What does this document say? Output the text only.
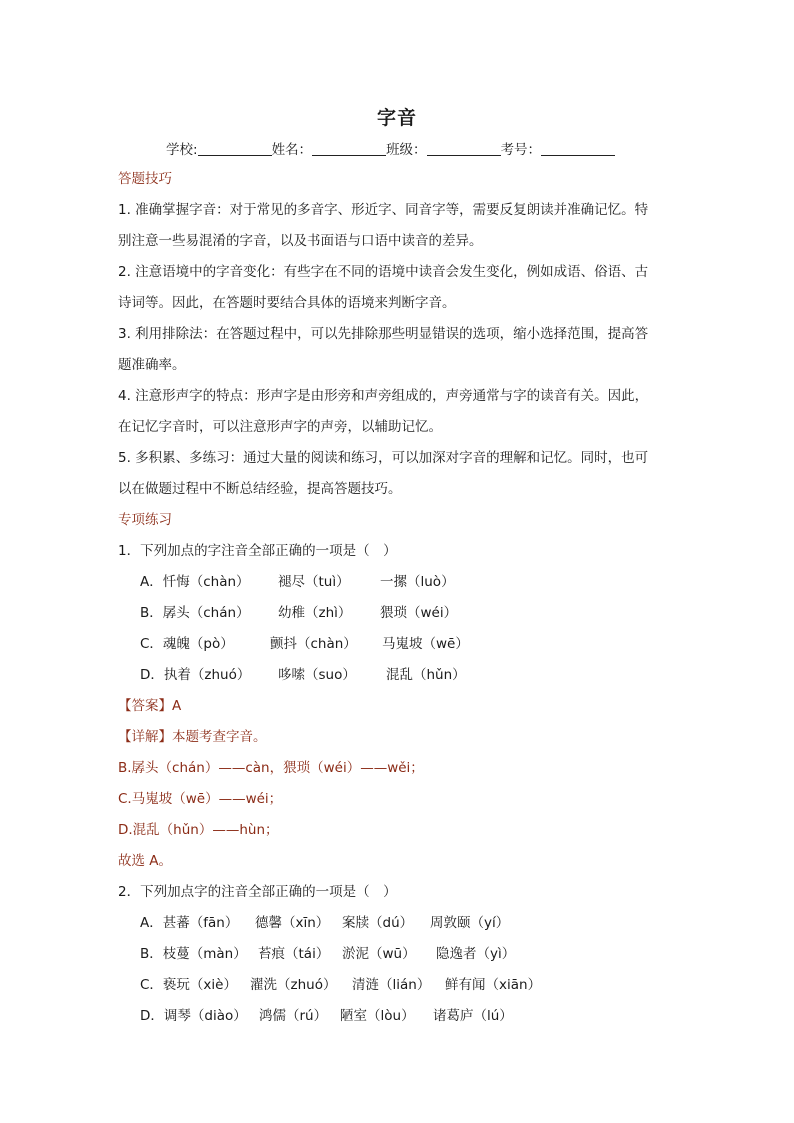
字音
学校:	姓名：	班级：	考号：
答题技巧
1. 准确掌握字音：对于常见的多音字、形近字、同音字等，需要反复朗读并准确记忆。特
别注意一些易混淆的字音，以及书面语与口语中读音的差异。
2. 注意语境中的字音变化：有些字在不同的语境中读音会发生变化，例如成语、俗语、古
诗词等。因此，在答题时要结合具体的语境来判断字音。
3. 利用排除法：在答题过程中，可以先排除那些明显错误的选项，缩小选择范围，提高答
题准确率。
4. 注意形声字的特点：形声字是由形旁和声旁组成的，声旁通常与字的读音有关。因此，
在记忆字音时，可以注意形声字的声旁，以辅助记忆。
5. 多积累、多练习：通过大量的阅读和练习，可以加深对字音的理解和记忆。同时，也可
以在做题过程中不断总结经验，提高答题技巧。
专项练习
1．下列加点的字注音全部正确的一项是（　）
A．忏悔（chàn） 褪尽（tuì） 一摞（luò）
B．孱头（chán） 幼稚（zhì） 猥琐（wéi）
C．魂魄（pò）	颤抖（chàn） 马嵬坡（wē）
D．执着（zhuó） 哆嗦（suo） 混乱（hǔn）
【答案】A
【详解】本题考查字音。
B.孱头（chán）——càn，猥琐（wéi）——wěi；
C.马嵬坡（wē）——wéi；
D.混乱（hǔn）——hùn；
故选 A。
2．下列加点字的注音全部正确的一项是（　）
A．甚蕃（fān） 德馨（xīn） 案牍（dú） 周敦颐（yí）
B．枝蔓（màn） 苔痕（tái） 淤泥（wū） 隐逸者（yì）
C．亵玩（xiè） 濯洗（zhuó） 清涟（lián） 鲜有闻（xiān）
D．调琴（diào） 鸿儒（rú） 陋室（lòu） 诸葛庐（lú）
